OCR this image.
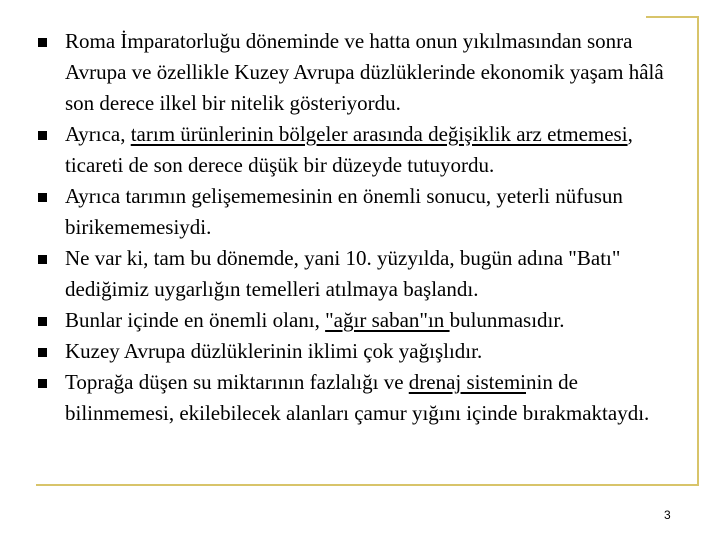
Roma İmparatorluğu döneminde ve hatta onun yıkılmasından sonra Avrupa ve özellikle Kuzey Avrupa düzlüklerinde ekonomik yaşam hâlâ son derece ilkel bir nitelik gösteriyordu.
Ayrıca, tarım ürünlerinin bölgeler arasında değişiklik arz etmemesi, ticareti de son derece düşük bir düzeyde tutuyordu.
Ayrıca tarımın gelişememesinin en önemli sonucu, yeterli nüfusun birikememesiydi.
Ne var ki, tam bu dönemde, yani 10. yüzyılda, bugün adına "Batı" dediğimiz uygarlığın temelleri atılmaya başlandı.
Bunlar içinde en önemli olanı, "ağır saban"ın bulunmasıdır.
Kuzey Avrupa düzlüklerinin iklimi çok yağışlıdır.
Toprağa düşen su miktarının fazlalığı ve drenaj sisteminin de bilinmemesi, ekilebilecek alanları çamur yığını içinde bırakmaktaydı.
3
